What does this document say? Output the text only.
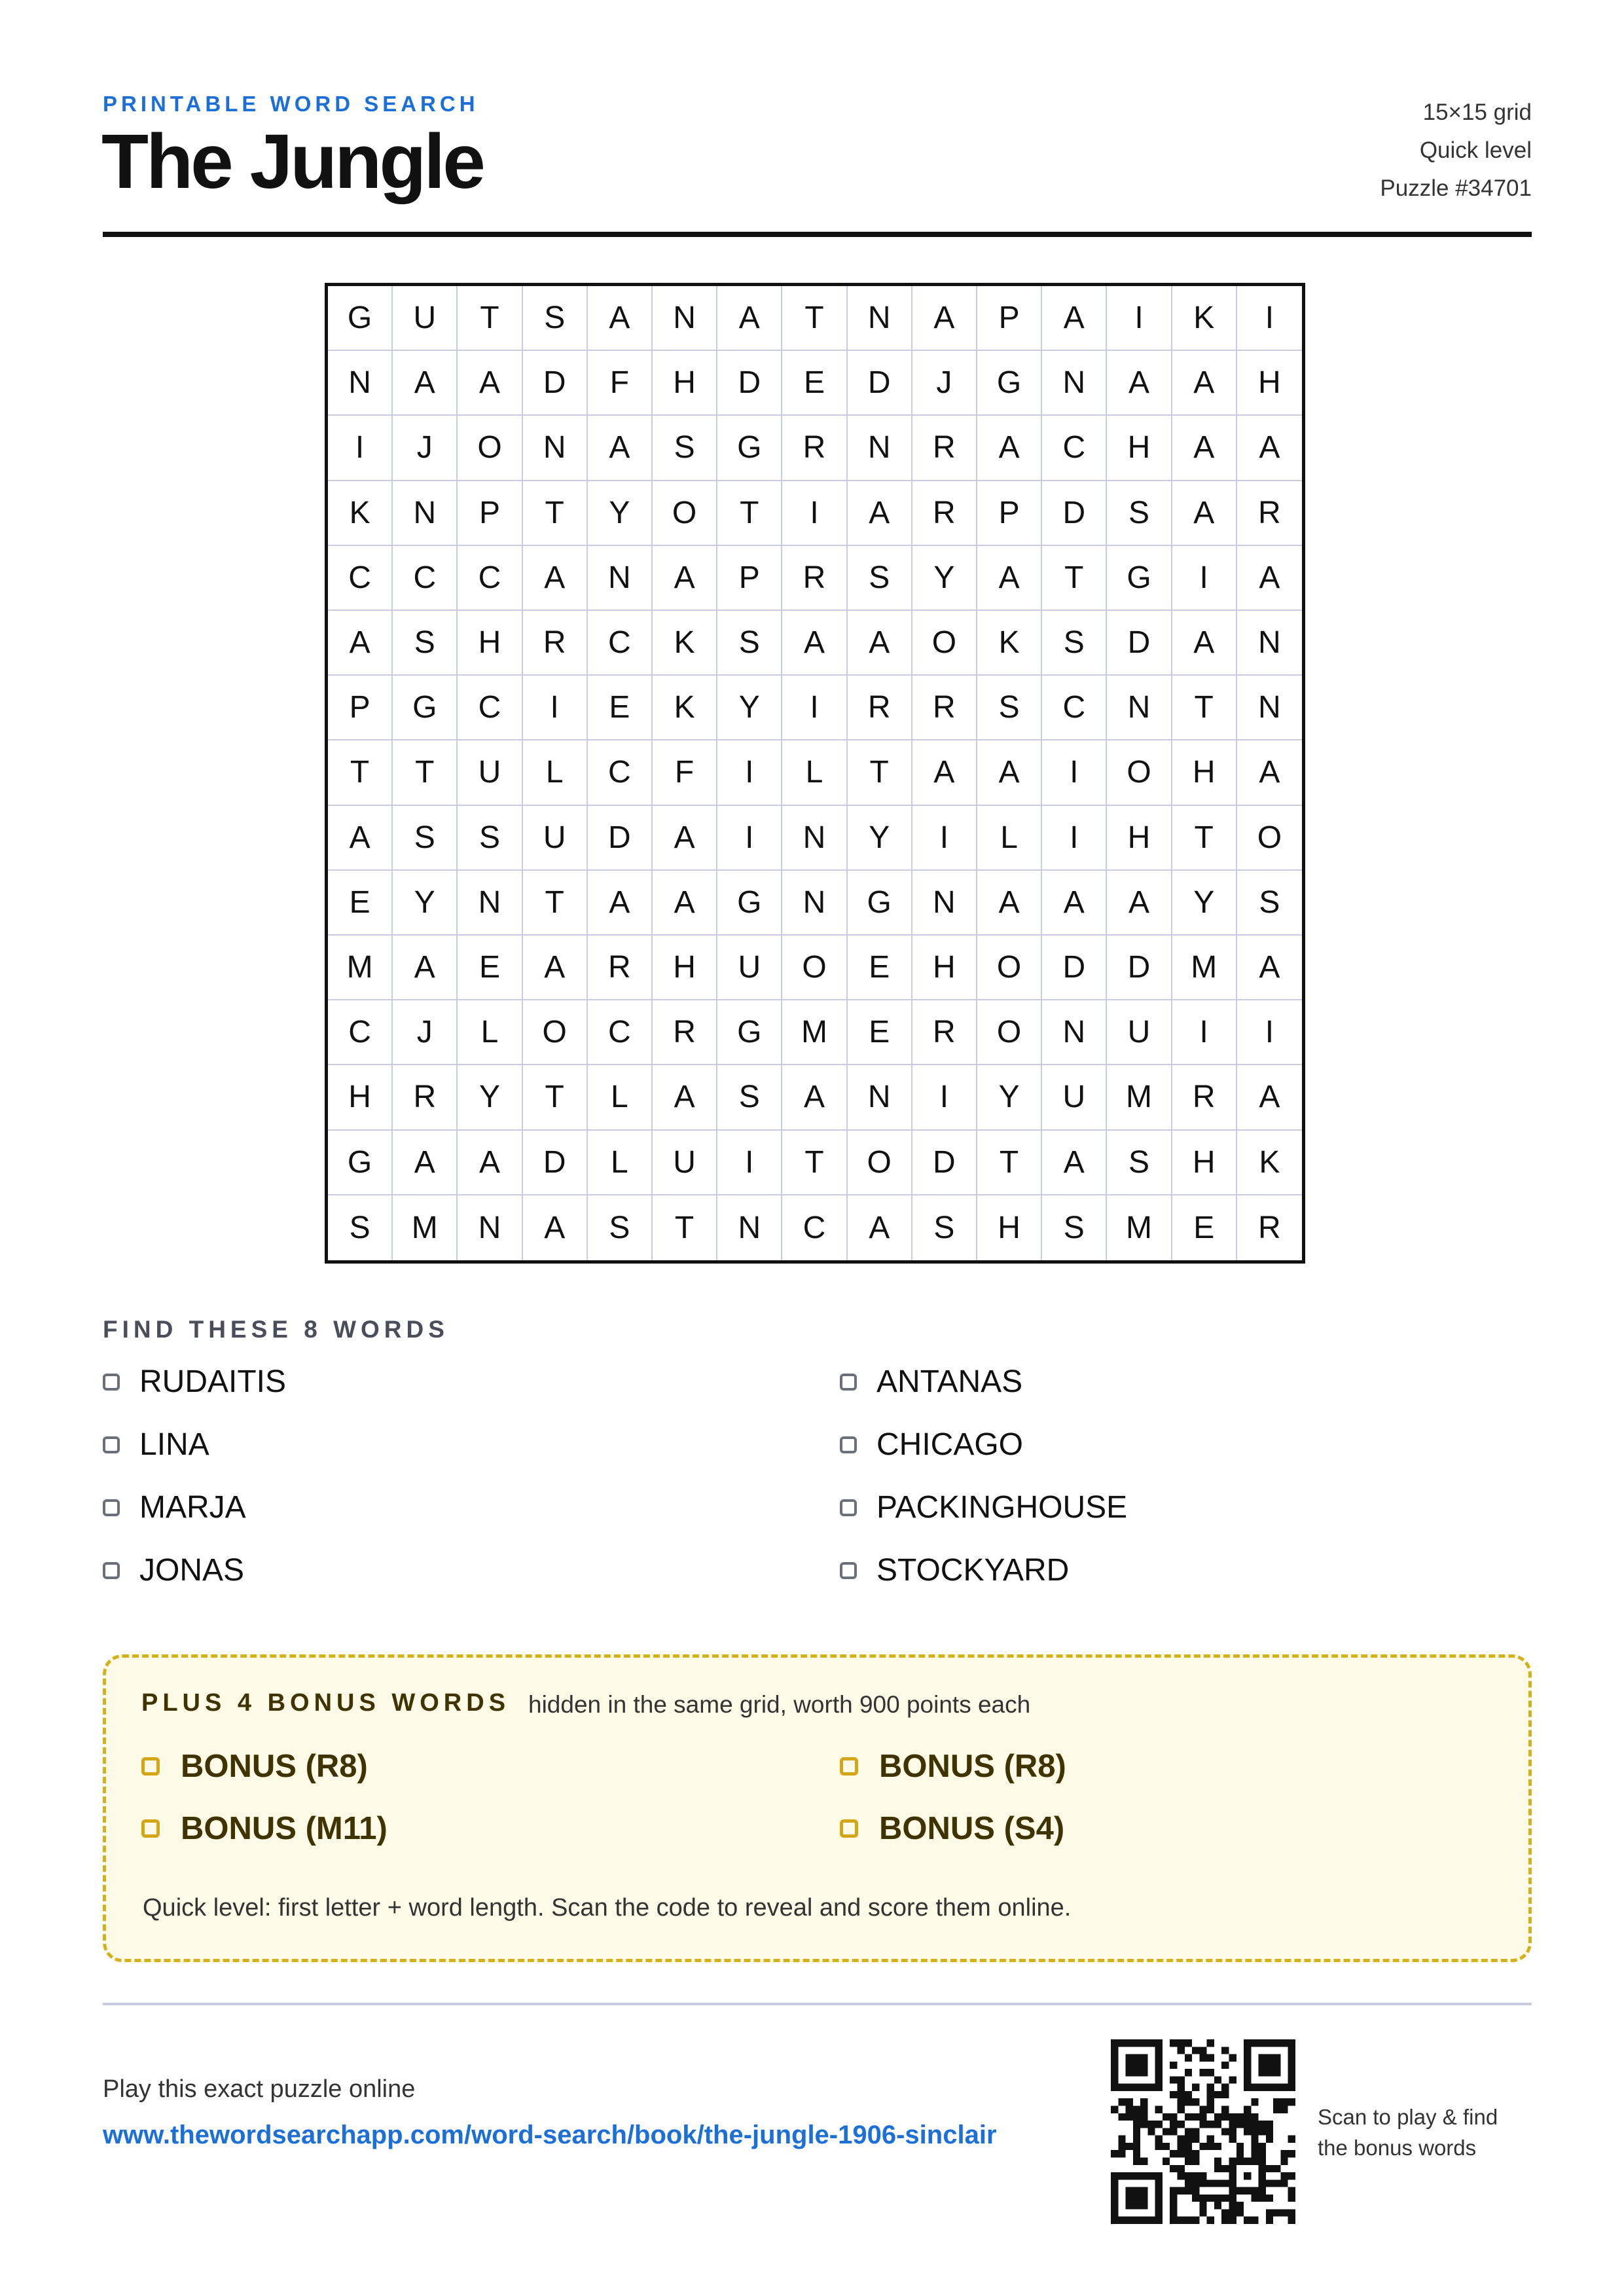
PRINTABLE WORD SEARCH
The Jungle
15×15 grid
Quick level
Puzzle #34701
G	U	T	S	A	N	A	T	N	A	P	A	I	K	I
N	A	A	D	F	H	D	E	D	J	G	N	A	A	H
I	J	O	N	A	S	G	R	N	R	A	C	H	A	A
K	N	P	T	Y	O	T	I	A	R	P	D	S	A	R
C	C	C	A	N	A	P	R	S	Y	A	T	G	I	A
A	S	H	R	C	K	S	A	A	O	K	S	D	A	N
P	G	C	I	E	K	Y	I	R	R	S	C	N	T	N
T	T	U	L	C	F	I	L	T	A	A	I	O	H	A
A	S	S	U	D	A	I	N	Y	I	L	I	H	T	O
E	Y	N	T	A	A	G	N	G	N	A	A	A	Y	S
M	A	E	A	R	H	U	O	E	H	O	D	D	M	A
C	J	L	O	C	R	G	M	E	R	O	N	U	I	I
H	R	Y	T	L	A	S	A	N	I	Y	U	M	R	A
G	A	A	D	L	U	I	T	O	D	T	A	S	H	K
S	M	N	A	S	T	N	C	A	S	H	S	M	E	R
FIND THESE 8 WORDS
RUDAITIS	ANTANAS
LINA	CHICAGO
MARJA	PACKINGHOUSE
JONAS	STOCKYARD
PLUS 4 BONUS WORDS hidden in the same grid, worth 900 points each
BONUS (R8)	BONUS (R8)
BONUS (M11)	BONUS (S4)
Quick level: first letter + word length. Scan the code to reveal and score them online.
Play this exact puzzle online
www.thewordsearchapp.com/word-search/book/the-jungle-1906-sinclair
Scan to play & find
the bonus words
